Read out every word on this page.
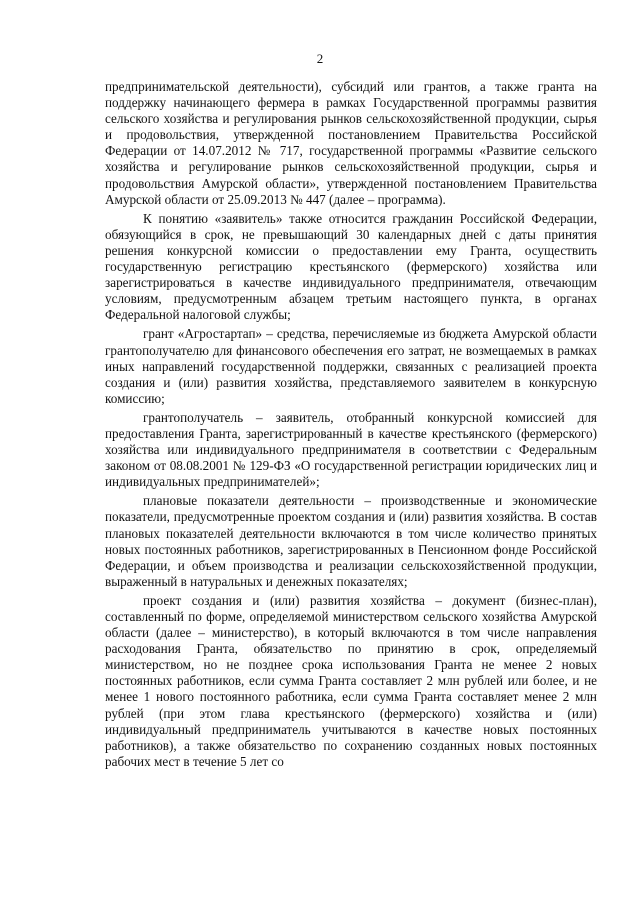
2

предпринимательской деятельности), субсидий или грантов, а также гранта на поддержку начинающего фермера в рамках Государственной программы развития сельского хозяйства и регулирования рынков сельскохозяйственной продукции, сырья и продовольствия, утвержденной постановлением Правительства Российской Федерации от 14.07.2012 № 717, государственной программы «Развитие сельского хозяйства и регулирование рынков сельскохозяйственной продукции, сырья и продовольствия Амурской области», утвержденной постановлением Правительства Амурской области от 25.09.2013 № 447 (далее – программа).

К понятию «заявитель» также относится гражданин Российской Федерации, обязующийся в срок, не превышающий 30 календарных дней с даты принятия решения конкурсной комиссии о предоставлении ему Гранта, осуществить государственную регистрацию крестьянского (фермерского) хозяйства или зарегистрироваться в качестве индивидуального предпринимателя, отвечающим условиям, предусмотренным абзацем третьим настоящего пункта, в органах Федеральной налоговой службы;

грант «Агростартап» – средства, перечисляемые из бюджета Амурской области грантополучателю для финансового обеспечения его затрат, не возмещаемых в рамках иных направлений государственной поддержки, связанных с реализацией проекта создания и (или) развития хозяйства, представляемого заявителем в конкурсную комиссию;

грантополучатель – заявитель, отобранный конкурсной комиссией для предоставления Гранта, зарегистрированный в качестве крестьянского (фермерского) хозяйства или индивидуального предпринимателя в соответствии с Федеральным законом от 08.08.2001 № 129-ФЗ «О государственной регистрации юридических лиц и индивидуальных предпринимателей»;

плановые показатели деятельности – производственные и экономические показатели, предусмотренные проектом создания и (или) развития хозяйства. В состав плановых показателей деятельности включаются в том числе количество принятых новых постоянных работников, зарегистрированных в Пенсионном фонде Российской Федерации, и объем производства и реализации сельскохозяйственной продукции, выраженный в натуральных и денежных показателях;

проект создания и (или) развития хозяйства – документ (бизнес-план), составленный по форме, определяемой министерством сельского хозяйства Амурской области (далее – министерство), в который включаются в том числе направления расходования Гранта, обязательство по принятию в срок, определяемый министерством, но не позднее срока использования Гранта не менее 2 новых постоянных работников, если сумма Гранта составляет 2 млн рублей или более, и не менее 1 нового постоянного работника, если сумма Гранта составляет менее 2 млн рублей (при этом глава крестьянского (фермерского) хозяйства и (или) индивидуальный предприниматель учитываются в качестве новых постоянных работников), а также обязательство по сохранению созданных новых постоянных рабочих мест в течение 5 лет со
